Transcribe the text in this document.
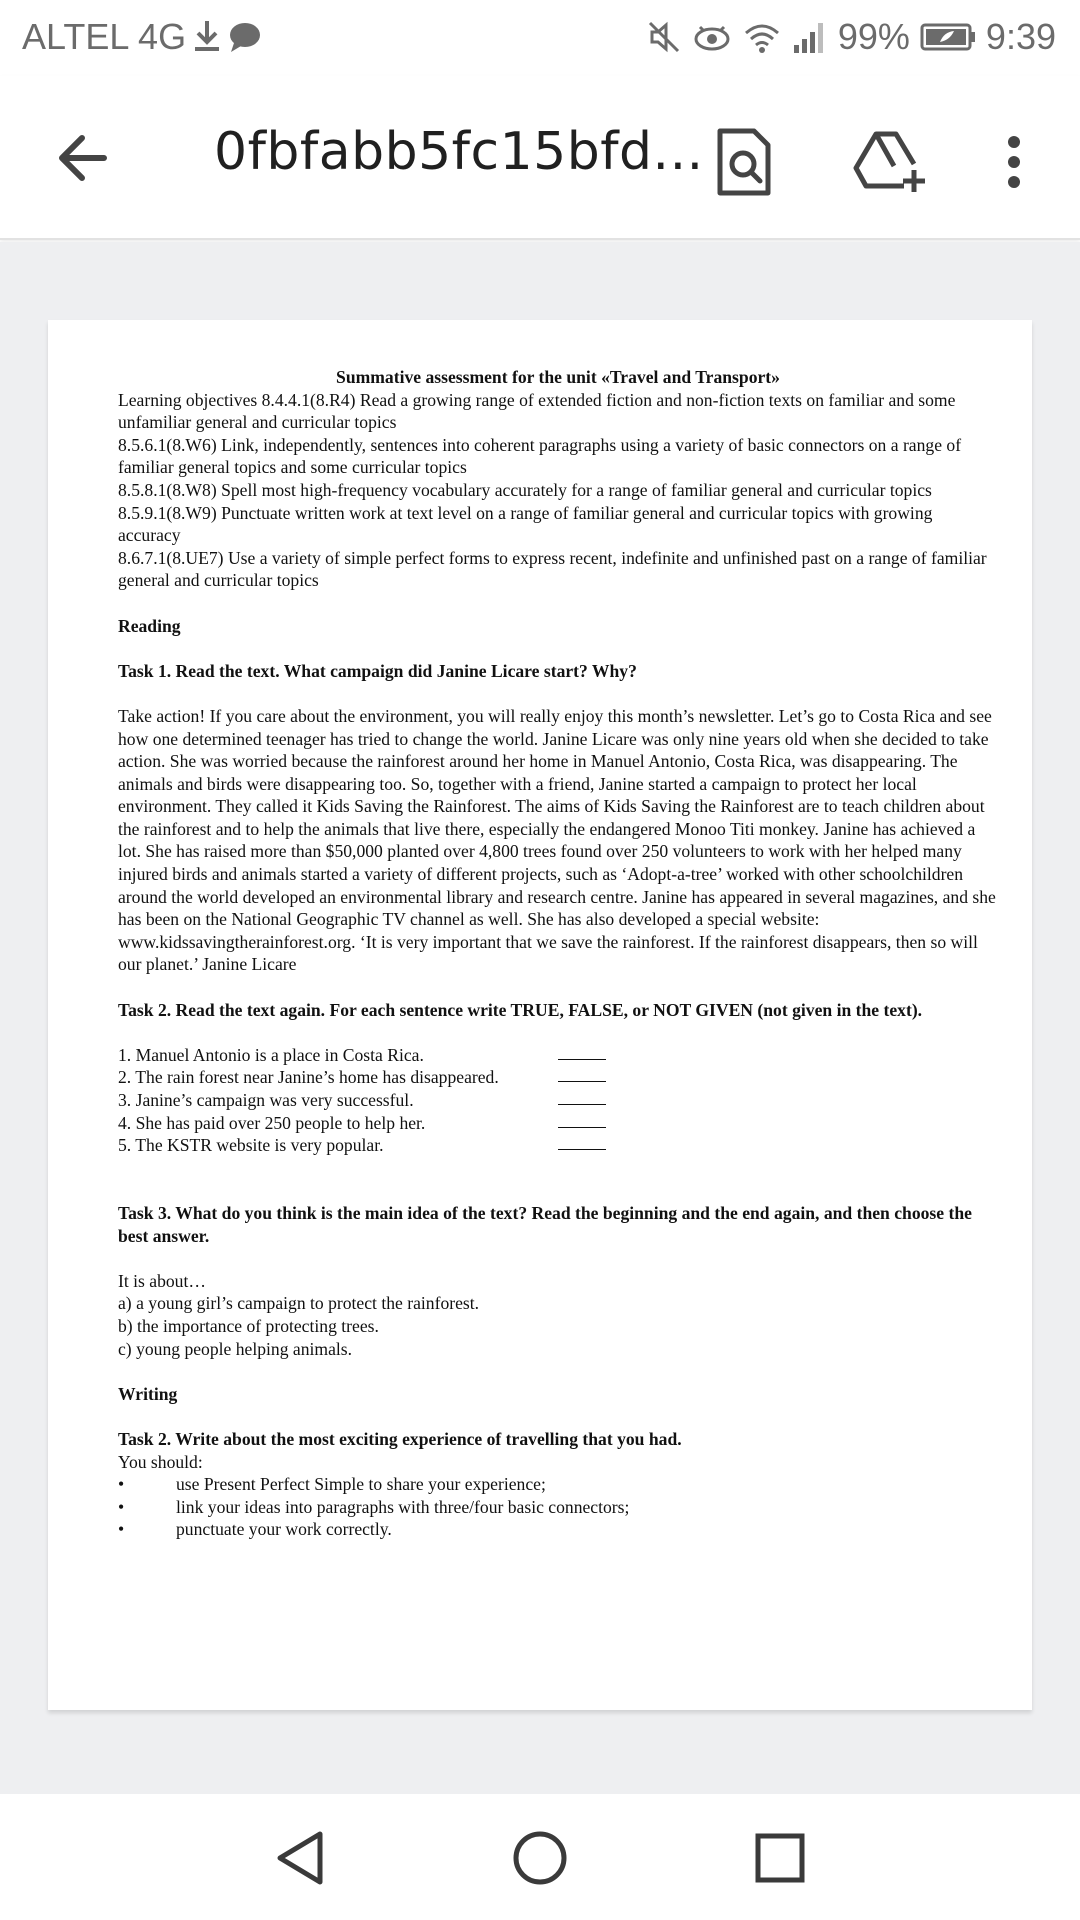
ALTEL 4G	99% 9:39
0fbfabb5fc15bfd...

Summative assessment for the unit «Travel and Transport»

Learning objectives 8.4.4.1(8.R4) Read a growing range of extended fiction and non-fiction texts on familiar and some unfamiliar general and curricular topics

8.5.6.1(8.W6) Link, independently, sentences into coherent paragraphs using a variety of basic connectors on a range of familiar general topics and some curricular topics

8.5.8.1(8.W8) Spell most high-frequency vocabulary accurately for a range of familiar general and curricular topics

8.5.9.1(8.W9) Punctuate written work at text level on a range of familiar general and curricular topics with growing accuracy

8.6.7.1(8.UE7) Use a variety of simple perfect forms to express recent, indefinite and unfinished past on a range of familiar general and curricular topics

Reading

Task 1. Read the text. What campaign did Janine Licare start? Why?

Take action! If you care about the environment, you will really enjoy this month’s newsletter. Let’s go to Costa Rica and see how one determined teenager has tried to change the world. Janine Licare was only nine years old when she decided to take action. She was worried because the rainforest around her home in Manuel Antonio, Costa Rica, was disappearing. The animals and birds were disappearing too. So, together with a friend, Janine started a campaign to protect her local environment. They called it Kids Saving the Rainforest. The aims of Kids Saving the Rainforest are to teach children about the rainforest and to help the animals that live there, especially the endangered Monoo Titi monkey. Janine has achieved a lot. She has raised more than $50,000 planted over 4,800 trees found over 250 volunteers to work with her helped many injured birds and animals started a variety of different projects, such as ‘Adopt-a-tree’ worked with other schoolchildren around the world developed an environmental library and research centre. Janine has appeared in several magazines, and she has been on the National Geographic TV channel as well. She has also developed a special website: www.kidssavingtherainforest.org. ‘It is very important that we save the rainforest. If the rainforest disappears, then so will our planet.’ Janine Licare

Task 2. Read the text again. For each sentence write TRUE, FALSE, or NOT GIVEN (not given in the text).

1. Manuel Antonio is a place in Costa Rica.
2. The rain forest near Janine’s home has disappeared.
3. Janine’s campaign was very successful.
4. She has paid over 250 people to help her.
5. The KSTR website is very popular.

Task 3. What do you think is the main idea of the text? Read the beginning and the end again, and then choose the best answer.

It is about…

a) a young girl’s campaign to protect the rainforest.

b) the importance of protecting trees.

c) young people helping animals.

Writing

Task 2. Write about the most exciting experience of travelling that you had.

You should:

•	use Present Perfect Simple to share your experience;
•	link your ideas into paragraphs with three/four basic connectors;
•	punctuate your work correctly.
